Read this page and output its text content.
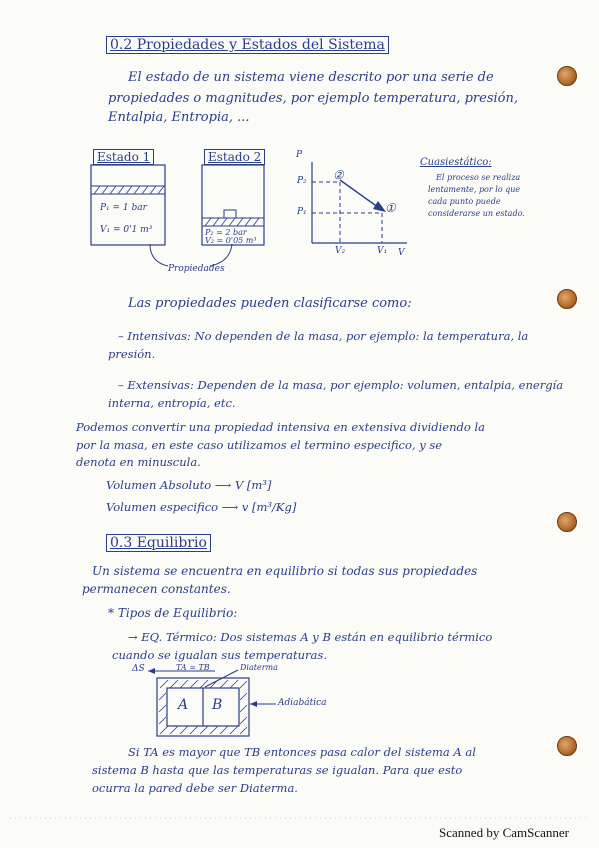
0.2 Propiedades y Estados del Sistema
El estado de un sistema viene descrito por una serie de
propiedades o magnitudes, por ejemplo temperatura, presión,
Entalpia, Entropia, ...
Estado 1	Estado 2
P₁ = 1 bar
V₁ = 0'1 m³	P₂ = 2 bar
V₂ = 0'05 m³
Propiedades
P
V
P₂
P₁
V₂	V₁
②
①
Cuasiestático:
El proceso se realiza
lentamente, por lo que
cada punto puede
considerarse un estado.
Las propiedades pueden clasificarse como:
– Intensivas: No dependen de la masa, por ejemplo: la temperatura, la
presión.
– Extensivas: Dependen de la masa, por ejemplo: volumen, entalpia, energía
interna, entropía, etc.
Podemos convertir una propiedad intensiva en extensiva dividiendo la
por la masa, en este caso utilizamos el termino especifico, y se
denota en minuscula.
Volumen Absoluto ⟶ V [m³]
Volumen especifico ⟶ v [m³/Kg]
0.3 Equilibrio
Un sistema se encuentra en equilibrio si todas sus propiedades
permanecen constantes.
* Tipos de Equilibrio:
→ EQ. Térmico: Dos sistemas A y B están en equilibrio térmico
cuando se igualan sus temperaturas.
ΔS	TA = TB	Diaterma
Adiabática
A B
Si TA es mayor que TB entonces pasa calor del sistema A al
sistema B hasta que las temperaturas se igualan. Para que esto
ocurra la pared debe ser Diaterma.
Scanned by CamScanner
